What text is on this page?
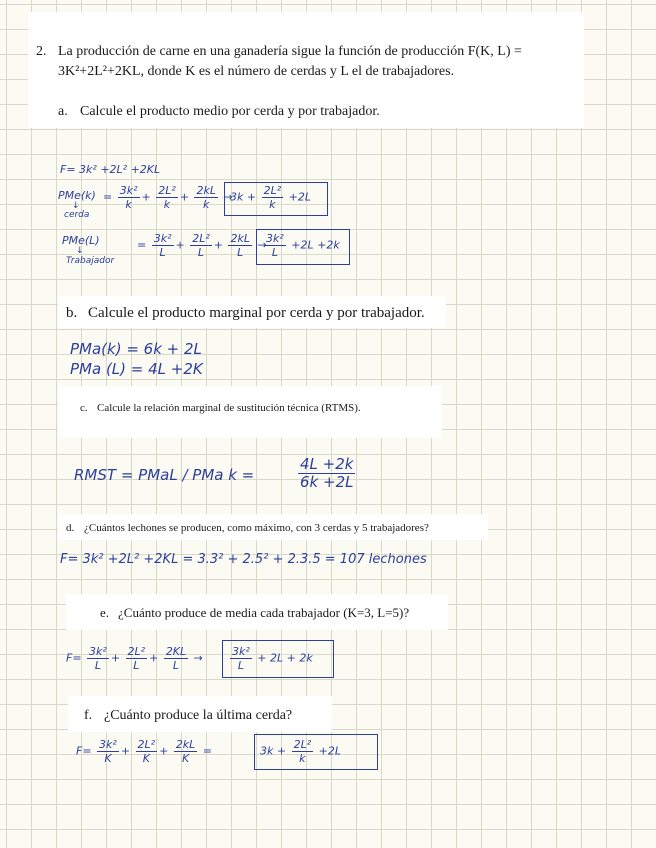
2. La producción de carne en una ganadería sigue la función de producción F(K, L) =
3K²+2L²+2KL, donde K es el número de cerdas y L el de trabajadores.
a. Calcule el producto medio por cerda y por trabajador.
F= 3k² +2L² +2KL
PMe(k)
↓
cerda
= $\frac{\text{3k²}}{k} + \frac{\text{2L²}}{k} + \frac{2kL}{k}$ →
$3k + \frac{\text{2L²}}{k} +2L$
PMe(L)
↓
Trabajador
= $\frac{\text{3k²}}{L} + \frac{\text{2L²}}{L} + \frac{2kL}{L}$ →
$\frac{\text{3k²}}{L} +2L +2k$
b. Calcule el producto marginal por cerda y por trabajador.
PMa(k) = 6k + 2L
PMa (L) = 4L +2K
c. Calcule la relación marginal de sustitución técnica (RTMS).
RMST = PMaL / PMa k =	$\frac{4L +2k}{6k +2L}$
d. ¿Cuántos lechones se producen, como máximo, con 3 cerdas y 5 trabajadores?
F= 3k² +2L² +2KL = 3.3² + 2.5² + 2.3.5 = 107 lechones
e. ¿Cuánto produce de media cada trabajador (K=3, L=5)?
$F= \frac{\text{3k²}}{L} + \frac{\text{2L²}}{L} + \frac{2KL}{L} \to \frac{\text{3k²}}{L} + 2L + 2k$
f. ¿Cuánto produce la última cerda?
$F= \frac{\text{3k²}}{K} + \frac{\text{2L²}}{K} + \frac{2kL}{K}$ =	$3k + \frac{\text{2L²}}{k} +2L$
